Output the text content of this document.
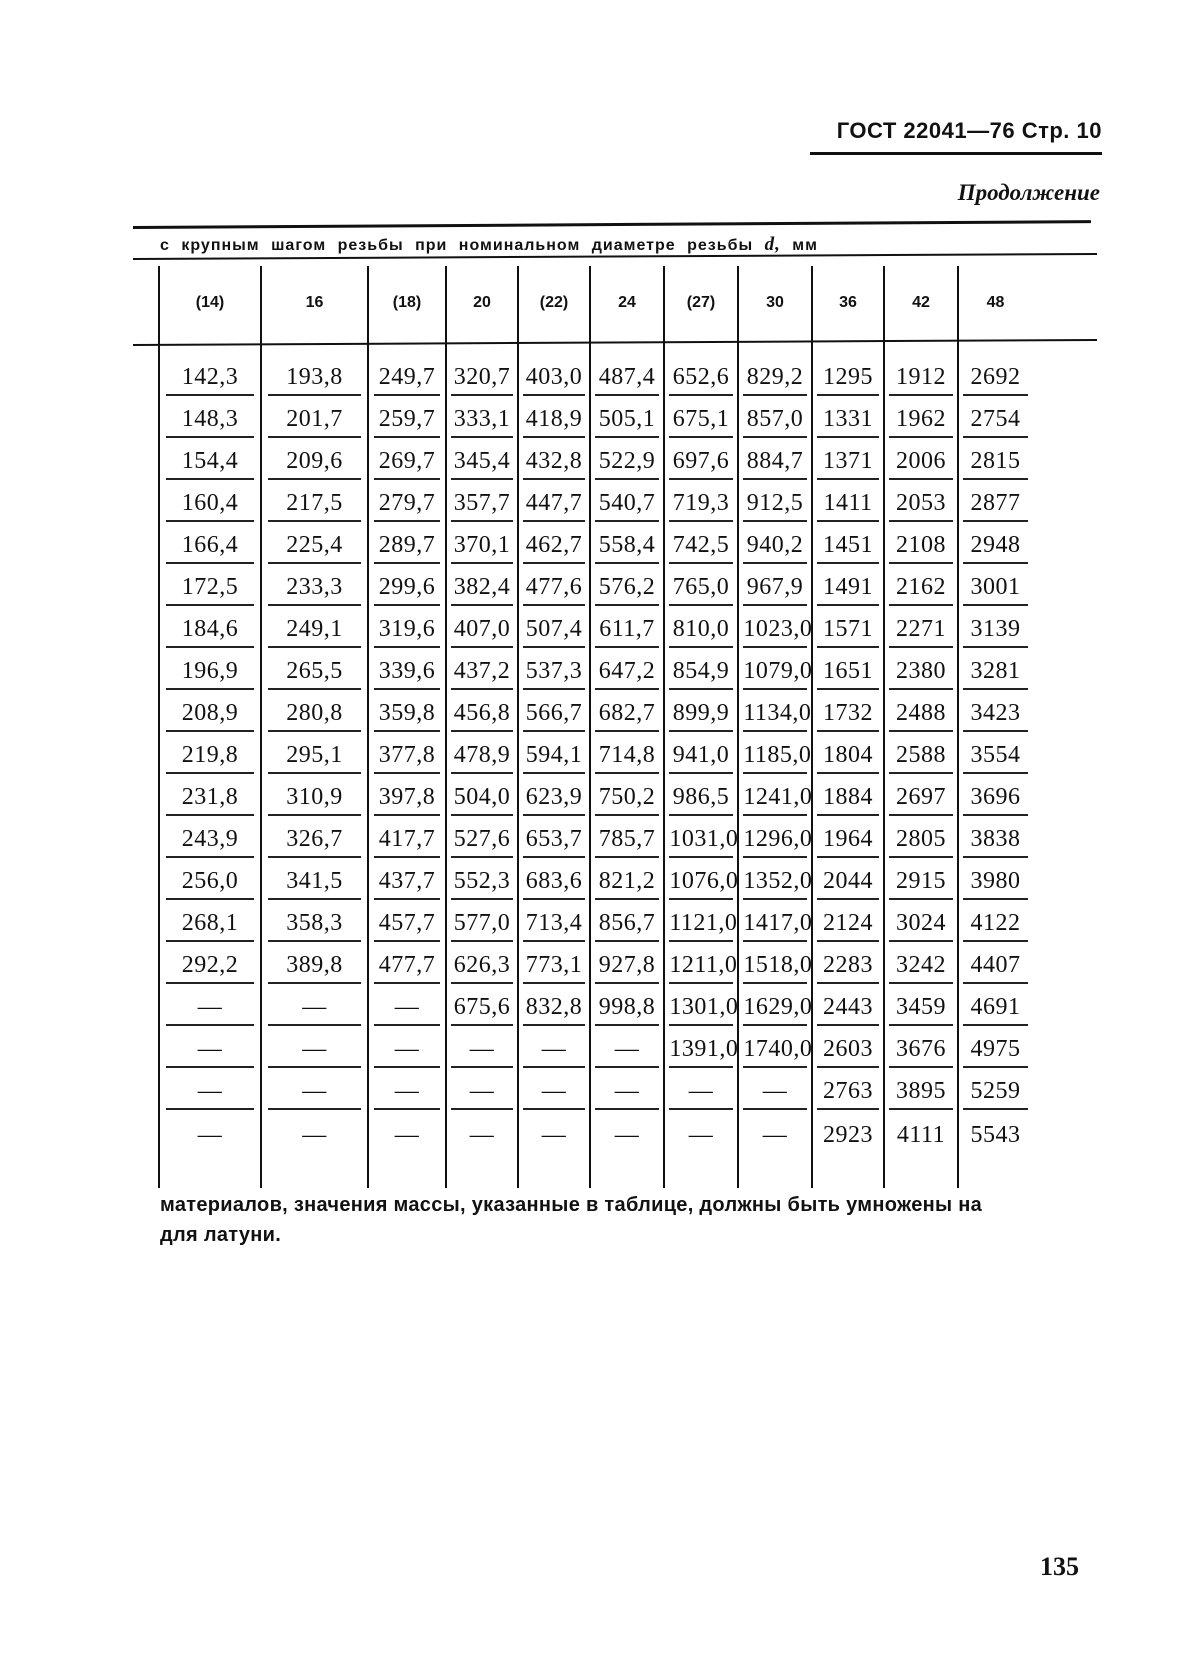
ГОСТ 22041—76 Стр. 10
Продолжение
с крупным шагом резьбы при номинальном диаметре резьбы d, мм
(14)	16	(18)	20	(22)	24	(27)	30	36	42	48

142,3	193,8	249,7	320,7	403,0	487,4	652,6	829,2	1295	1912	2692
148,3	201,7	259,7	333,1	418,9	505,1	675,1	857,0	1331	1962	2754
154,4	209,6	269,7	345,4	432,8	522,9	697,6	884,7	1371	2006	2815
160,4	217,5	279,7	357,7	447,7	540,7	719,3	912,5	1411	2053	2877
166,4	225,4	289,7	370,1	462,7	558,4	742,5	940,2	1451	2108	2948
172,5	233,3	299,6	382,4	477,6	576,2	765,0	967,9	1491	2162	3001
184,6	249,1	319,6	407,0	507,4	611,7	810,0	1023,0	1571	2271	3139
196,9	265,5	339,6	437,2	537,3	647,2	854,9	1079,0	1651	2380	3281
208,9	280,8	359,8	456,8	566,7	682,7	899,9	1134,0	1732	2488	3423
219,8	295,1	377,8	478,9	594,1	714,8	941,0	1185,0	1804	2588	3554
231,8	310,9	397,8	504,0	623,9	750,2	986,5	1241,0	1884	2697	3696
243,9	326,7	417,7	527,6	653,7	785,7	1031,0	1296,0	1964	2805	3838
256,0	341,5	437,7	552,3	683,6	821,2	1076,0	1352,0	2044	2915	3980
268,1	358,3	457,7	577,0	713,4	856,7	1121,0	1417,0	2124	3024	4122
292,2	389,8	477,7	626,3	773,1	927,8	1211,0	1518,0	2283	3242	4407
—	—	—	675,6	832,8	998,8	1301,0	1629,0	2443	3459	4691
—	—	—	—	—	—	1391,0	1740,0	2603	3676	4975
—	—	—	—	—	—	—	—	2763	3895	5259
—	—	—	—	—	—	—	—	2923	4111	5543

материалов, значения массы, указанные в таблице, должны быть умножены на
для латуни.
135
